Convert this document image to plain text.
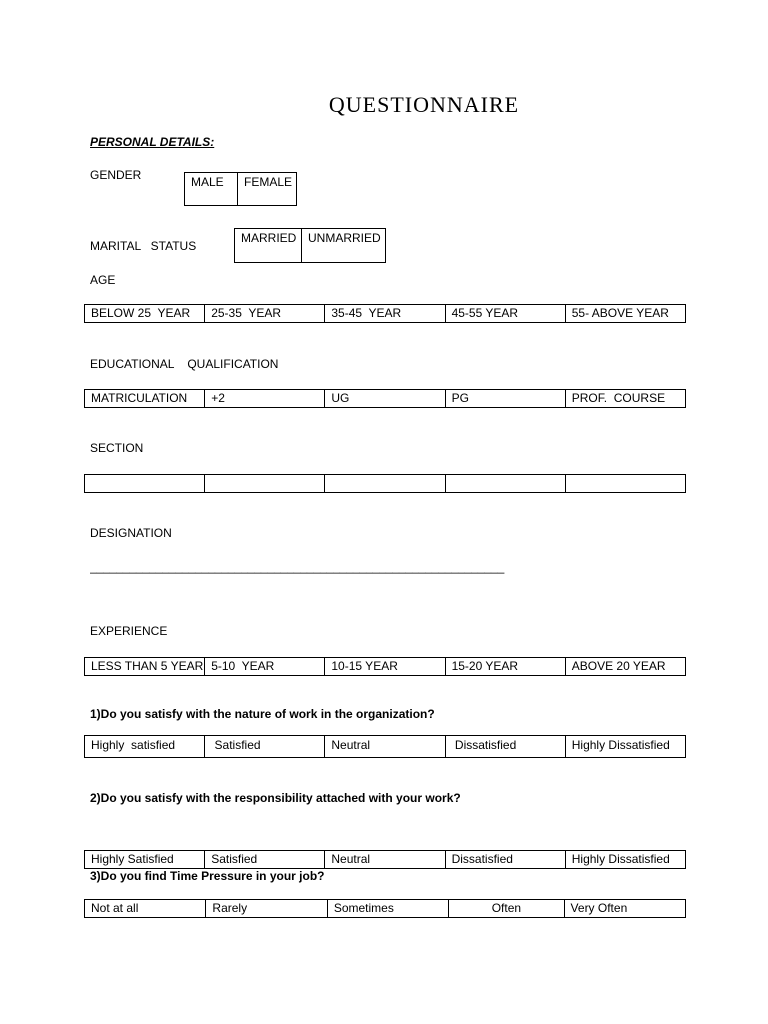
QUESTIONNAIRE
PERSONAL DETAILS:
GENDER	MALE	FEMALE
MARITAL   STATUS
MARRIED	UNMARRIED
AGE
BELOW 25  YEAR	25-35  YEAR	35-45  YEAR	45-55 YEAR	55- ABOVE YEAR
EDUCATIONAL    QUALIFICATION
MATRICULATION	+2	UG	PG	PROF.  COURSE
SECTION

DESIGNATION
_______________________________________________________________
EXPERIENCE
LESS THAN 5 YEAR	5-10  YEAR	10-15 YEAR	15-20 YEAR	ABOVE 20 YEAR
1)Do you satisfy with the nature of work in the organization?
Highly  satisfied	Satisfied	Neutral	Dissatisfied	Highly Dissatisfied
2)Do you satisfy with the responsibility attached with your work?
Highly Satisfied	Satisfied	Neutral	Dissatisfied	Highly Dissatisfied
3)Do you find Time Pressure in your job?
Not at all	Rarely	Sometimes	Often	Very Often
